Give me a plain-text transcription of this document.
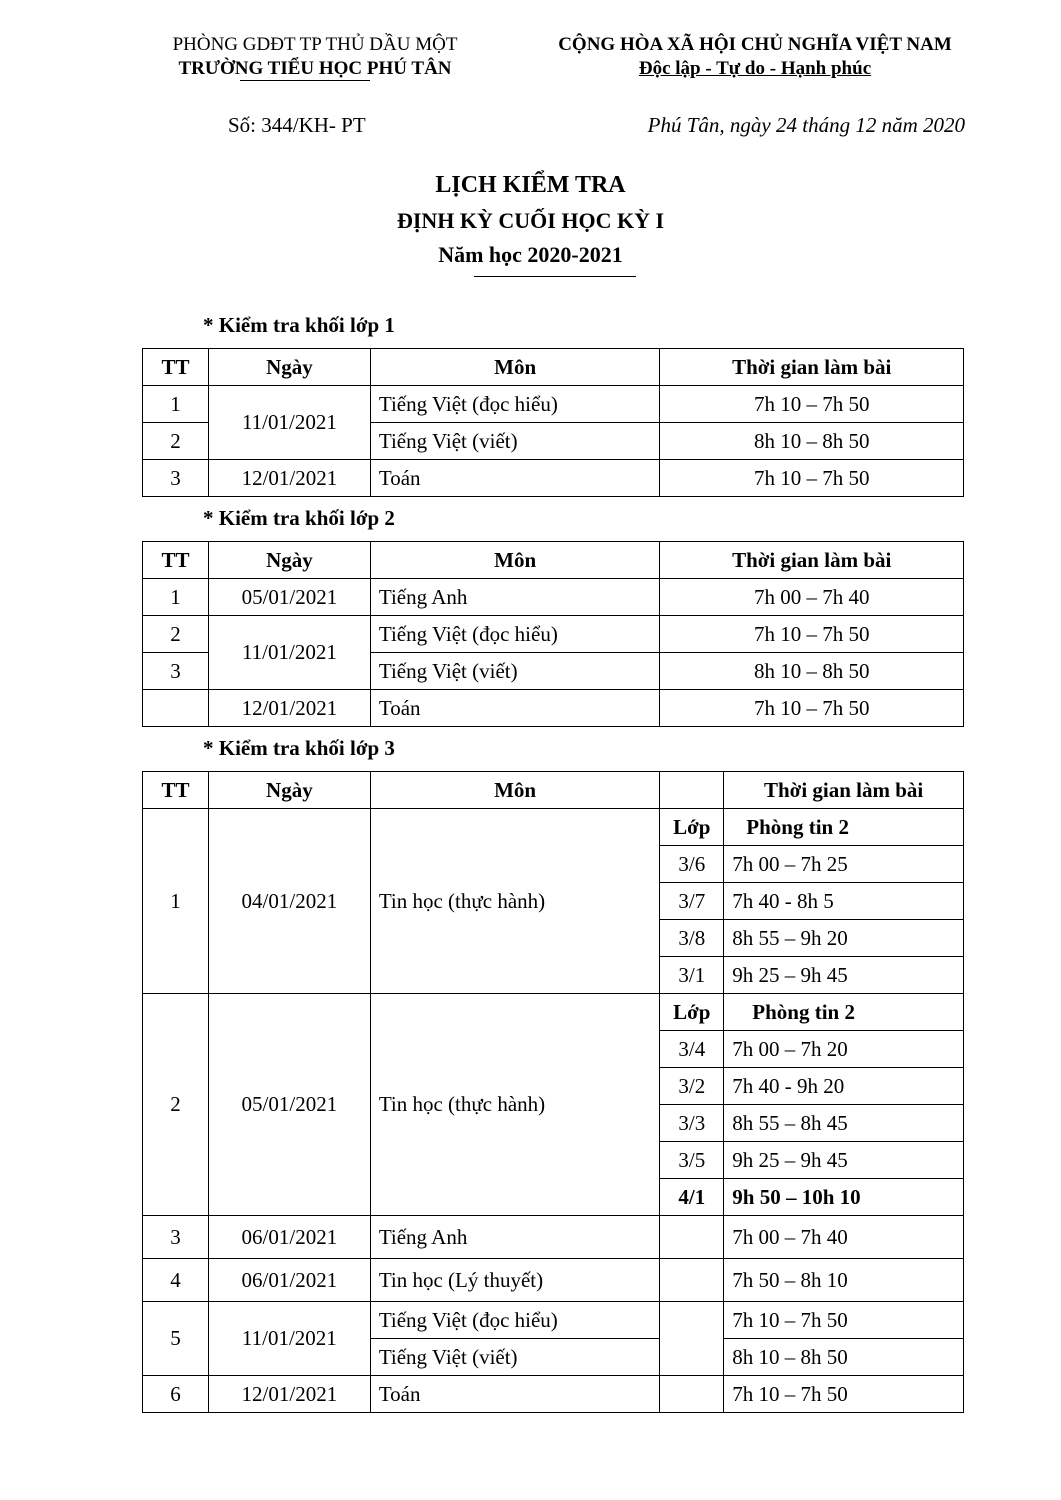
PHÒNG GDĐT TP THỦ DẦU MỘT
TRƯỜNG TIỂU HỌC PHÚ TÂN
CỘNG HÒA XÃ HỘI CHỦ NGHĨA VIỆT NAM
Độc lập - Tự do - Hạnh phúc
Số: 344/KH- PT	Phú Tân, ngày 24 tháng 12 năm 2020
LỊCH KIỂM TRA
ĐỊNH KỲ CUỐI HỌC KỲ I
Năm học 2020-2021
* Kiểm tra khối lớp 1
TT	Ngày	Môn	Thời gian làm bài
1	11/01/2021	Tiếng Việt (đọc hiểu)	7h 10 – 7h 50
2		Tiếng Việt (viết)	8h 10 – 8h 50
3	12/01/2021	Toán	7h 10 – 7h 50
* Kiểm tra khối lớp 2
TT	Ngày	Môn	Thời gian làm bài
1	05/01/2021	Tiếng Anh	7h 00 – 7h 40
2	11/01/2021	Tiếng Việt (đọc hiểu)	7h 10 – 7h 50
3		Tiếng Việt (viết)	8h 10 – 8h 50
	12/01/2021	Toán	7h 10 – 7h 50
* Kiểm tra khối lớp 3
TT	Ngày	Môn		Thời gian làm bài
1	04/01/2021	Tin học (thực hành)	Lớp	Phòng tin 2
			3/6	7h 00 – 7h 25
			3/7	7h 40 - 8h 5
			3/8	8h 55 – 9h 20
			3/1	9h 25 – 9h 45
2	05/01/2021	Tin học (thực hành)	Lớp	Phòng tin 2
			3/4	7h 00 – 7h 20
			3/2	7h 40 - 9h 20
			3/3	8h 55 – 8h 45
			3/5	9h 25 – 9h 45
			4/1	9h 50 – 10h 10
3	06/01/2021	Tiếng Anh		7h 00 – 7h 40
4	06/01/2021	Tin học (Lý thuyết)		7h 50 – 8h 10
5	11/01/2021	Tiếng Việt (đọc hiểu)		7h 10 – 7h 50
		Tiếng Việt (viết)		8h 10 – 8h 50
6	12/01/2021	Toán		7h 10 – 7h 50
